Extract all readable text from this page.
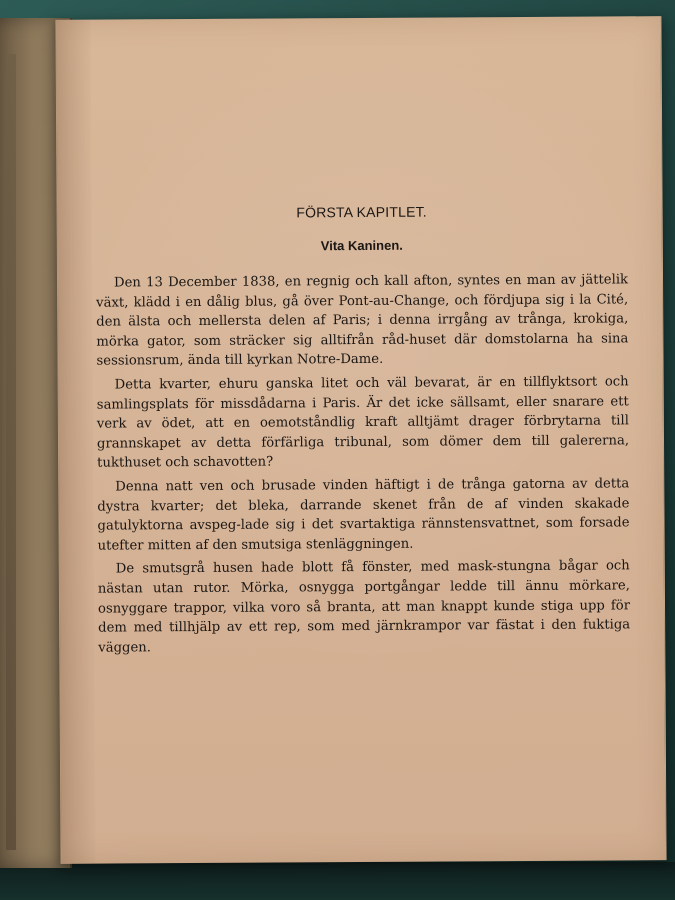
FÖRSTA KAPITLET.
Vita Kaninen.

Den 13 December 1838, en regnig och kall afton, syntes en man av jättelik växt, klädd i en dålig blus, gå över Pont-au-Change, och fördjupa sig i la Cité, den älsta och mellersta delen af Paris; i denna irrgång av trånga, krokiga, mörka gator, som sträcker sig alltifrån råd-huset där domstolarna ha sina sessionsrum, ända till kyrkan Notre-Dame.

Detta kvarter, ehuru ganska litet och väl bevarat, är en tillflyktsort och samlingsplats för missdådarna i Paris. Är det icke sällsamt, eller snarare ett verk av ödet, att en oemotståndlig kraft alltjämt drager förbrytarna till grannskapet av detta förfärliga tribunal, som dömer dem till galererna, tukthuset och schavotten?

Denna natt ven och brusade vinden häftigt i de trånga gatorna av detta dystra kvarter; det bleka, darrande skenet från de af vinden skakade gatulyktorna avspeg-lade sig i det svartaktiga rännstensvattnet, som forsade utefter mitten af den smutsiga stenläggningen.

De smutsgrå husen hade blott få fönster, med mask-stungna bågar och nästan utan rutor. Mörka, osnygga portgångar ledde till ännu mörkare, osnyggare trappor, vilka voro så branta, att man knappt kunde stiga upp för dem med tillhjälp av ett rep, som med järnkrampor var fästat i den fuktiga väggen.
